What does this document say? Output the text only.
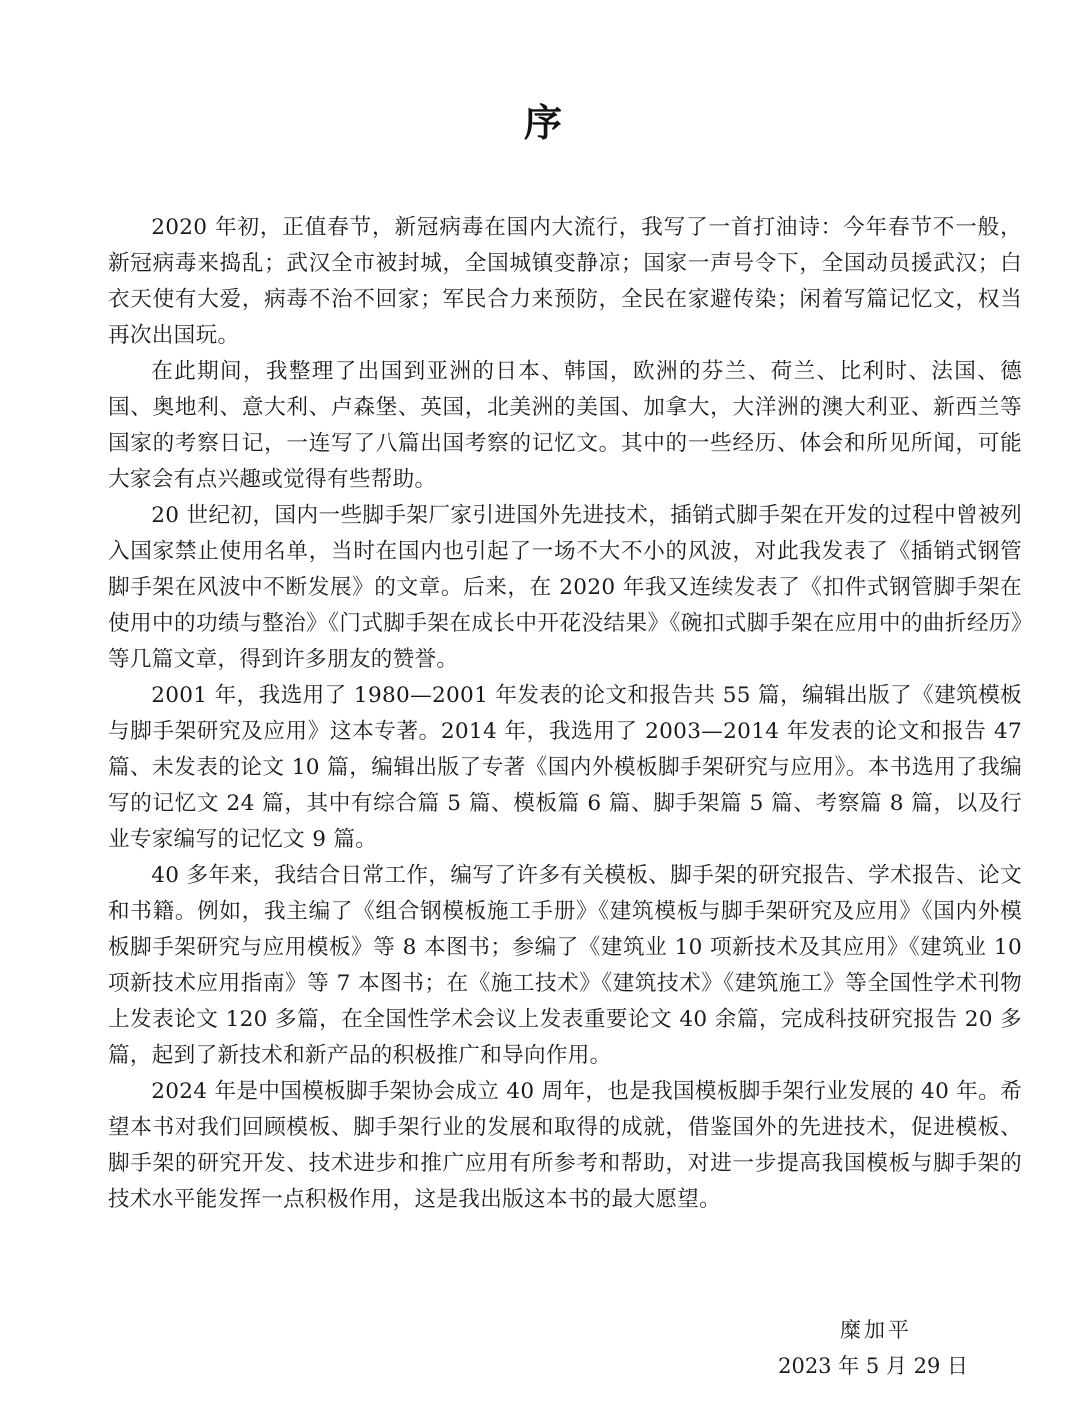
序

2020 年初，正值春节，新冠病毒在国内大流行，我写了一首打油诗：今年春节不一般，新冠病毒来捣乱；武汉全市被封城，全国城镇变静凉；国家一声号令下，全国动员援武汉；白衣天使有大爱，病毒不治不回家；军民合力来预防，全民在家避传染；闲着写篇记忆文，权当再次出国玩。

在此期间，我整理了出国到亚洲的日本、韩国，欧洲的芬兰、荷兰、比利时、法国、德国、奥地利、意大利、卢森堡、英国，北美洲的美国、加拿大，大洋洲的澳大利亚、新西兰等国家的考察日记，一连写了八篇出国考察的记忆文。其中的一些经历、体会和所见所闻，可能大家会有点兴趣或觉得有些帮助。

20 世纪初，国内一些脚手架厂家引进国外先进技术，插销式脚手架在开发的过程中曾被列入国家禁止使用名单，当时在国内也引起了一场不大不小的风波，对此我发表了《插销式钢管脚手架在风波中不断发展》的文章。后来，在 2020 年我又连续发表了《扣件式钢管脚手架在使用中的功绩与整治》《门式脚手架在成长中开花没结果》《碗扣式脚手架在应用中的曲折经历》等几篇文章，得到许多朋友的赞誉。

2001 年，我选用了 1980—2001 年发表的论文和报告共 55 篇，编辑出版了《建筑模板与脚手架研究及应用》这本专著。2014 年，我选用了 2003—2014 年发表的论文和报告 47 篇、未发表的论文 10 篇，编辑出版了专著《国内外模板脚手架研究与应用》。本书选用了我编写的记忆文 24 篇，其中有综合篇 5 篇、模板篇 6 篇、脚手架篇 5 篇、考察篇 8 篇，以及行业专家编写的记忆文 9 篇。

40 多年来，我结合日常工作，编写了许多有关模板、脚手架的研究报告、学术报告、论文和书籍。例如，我主编了《组合钢模板施工手册》《建筑模板与脚手架研究及应用》《国内外模板脚手架研究与应用模板》等 8 本图书；参编了《建筑业 10 项新技术及其应用》《建筑业 10 项新技术应用指南》等 7 本图书；在《施工技术》《建筑技术》《建筑施工》等全国性学术刊物上发表论文 120 多篇，在全国性学术会议上发表重要论文 40 余篇，完成科技研究报告 20 多篇，起到了新技术和新产品的积极推广和导向作用。

2024 年是中国模板脚手架协会成立 40 周年，也是我国模板脚手架行业发展的 40 年。希望本书对我们回顾模板、脚手架行业的发展和取得的成就，借鉴国外的先进技术，促进模板、脚手架的研究开发、技术进步和推广应用有所参考和帮助，对进一步提高我国模板与脚手架的技术水平能发挥一点积极作用，这是我出版这本书的最大愿望。

糜加平
2023 年 5 月 29 日
